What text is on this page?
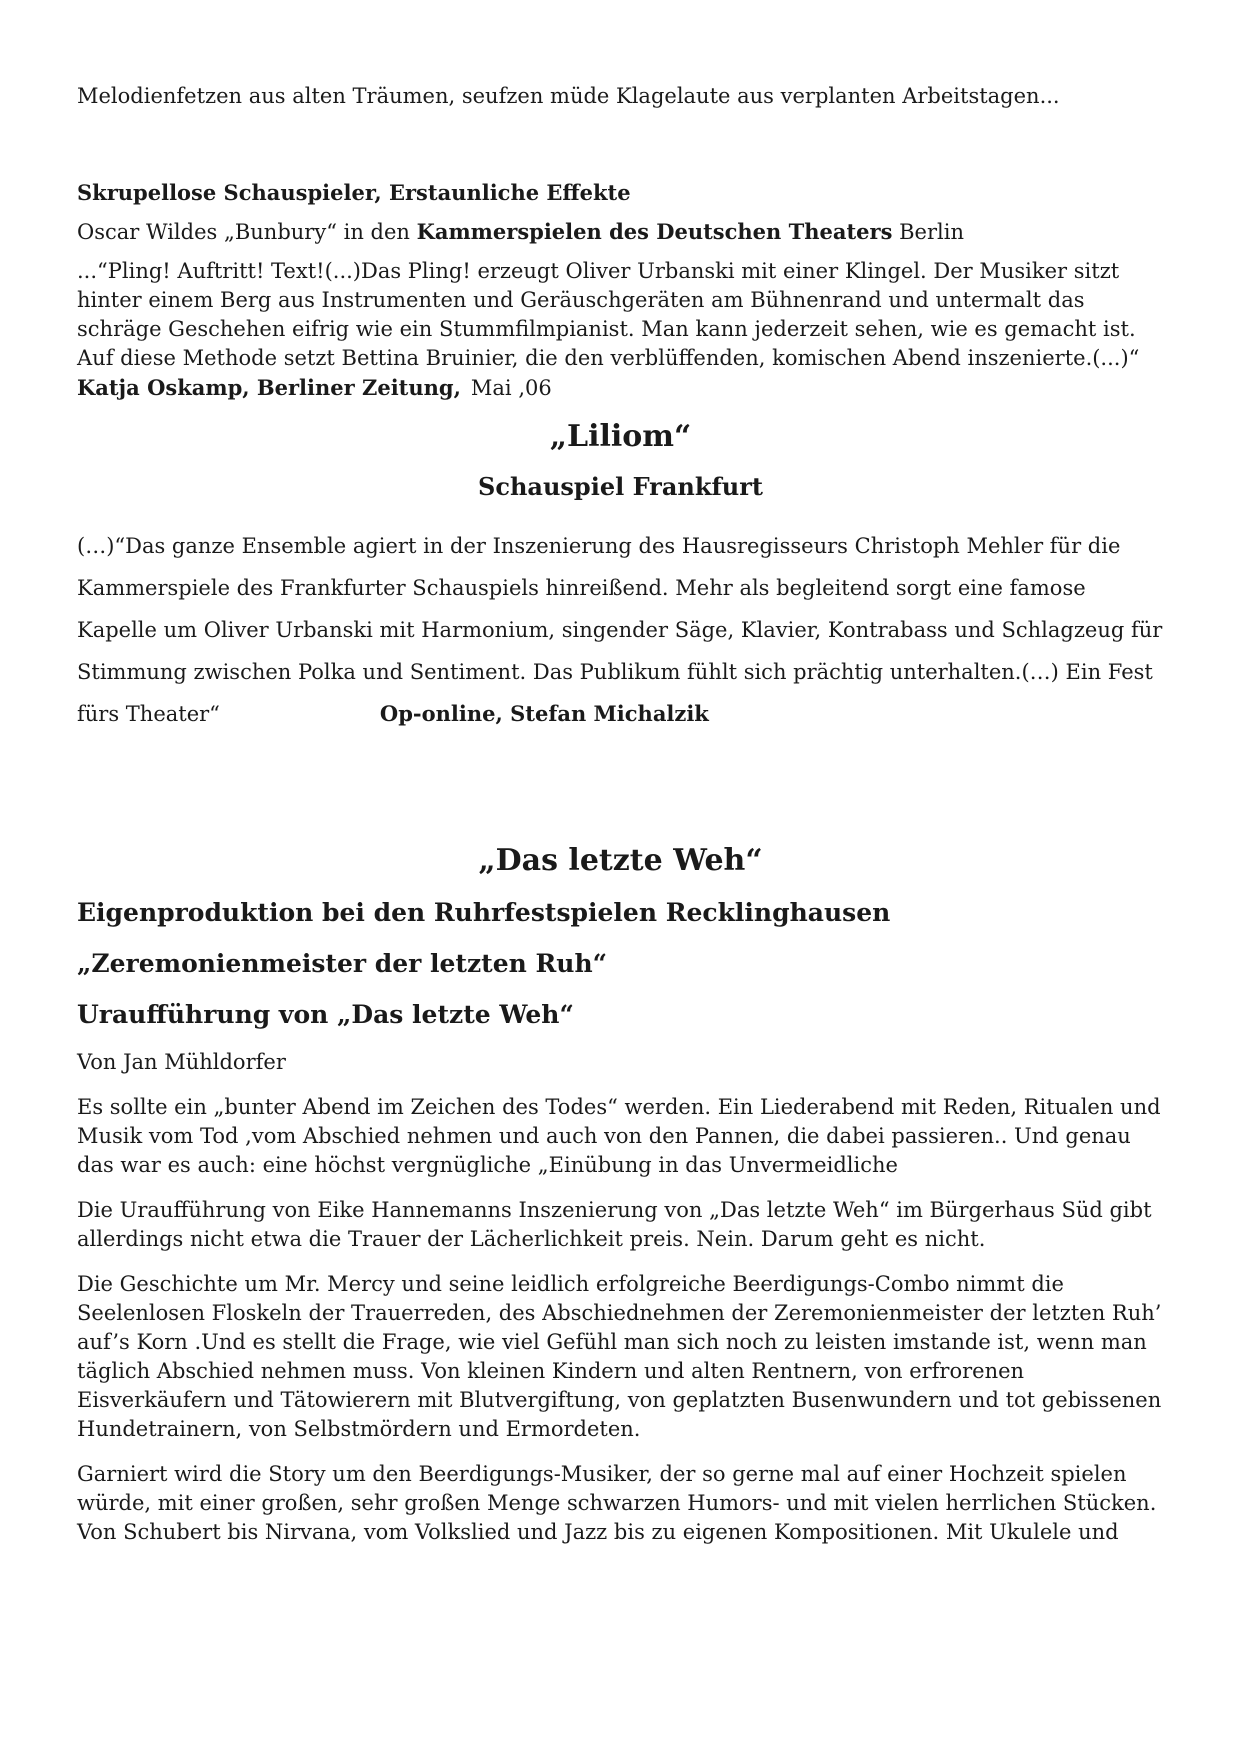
Melodienfetzen aus alten Träumen, seufzen müde Klagelaute aus verplanten Arbeitstagen...

Skrupellose Schauspieler, Erstaunliche Effekte

Oscar Wildes „Bunbury“ in den Kammerspielen des Deutschen Theaters Berlin

...“Pling! Auftritt! Text!(...)Das Pling! erzeugt Oliver Urbanski mit einer Klingel. Der Musiker sitzt hinter einem Berg aus Instrumenten und Geräuschgeräten am Bühnenrand und untermalt das schräge Geschehen eifrig wie ein Stummfilmpianist. Man kann jederzeit sehen, wie es gemacht ist. Auf diese Methode setzt Bettina Bruinier, die den verblüffenden, komischen Abend inszenierte.(...)“ Katja Oskamp, Berliner Zeitung, Mai ,06

„Liliom“

Schauspiel Frankfurt

(…)“Das ganze Ensemble agiert in der Inszenierung des Hausregisseurs Christoph Mehler für die Kammerspiele des Frankfurter Schauspiels hinreißend. Mehr als begleitend sorgt eine famose Kapelle um Oliver Urbanski mit Harmonium, singender Säge, Klavier, Kontrabass und Schlagzeug für Stimmung zwischen Polka und Sentiment. Das Publikum fühlt sich prächtig unterhalten.(…) Ein Fest fürs Theater“	Op-online, Stefan Michalzik

„Das letzte Weh“

Eigenproduktion bei den Ruhrfestspielen Recklinghausen

„Zeremonienmeister der letzten Ruh“

Uraufführung von „Das letzte Weh“

Von Jan Mühldorfer

Es sollte ein „bunter Abend im Zeichen des Todes“ werden. Ein Liederabend mit Reden, Ritualen und Musik vom Tod ,vom Abschied nehmen und auch von den Pannen, die dabei passieren.. Und genau das war es auch: eine höchst vergnügliche „Einübung in das Unvermeidliche

Die Uraufführung von Eike Hannemanns Inszenierung von „Das letzte Weh“ im Bürgerhaus Süd gibt allerdings nicht etwa die Trauer der Lächerlichkeit preis. Nein. Darum geht es nicht.

Die Geschichte um Mr. Mercy und seine leidlich erfolgreiche Beerdigungs-Combo nimmt die Seelenlosen Floskeln der Trauerreden, des Abschiednehmen der Zeremonienmeister der letzten Ruh’ auf’s Korn .Und es stellt die Frage, wie viel Gefühl man sich noch zu leisten imstande ist, wenn man täglich Abschied nehmen muss. Von kleinen Kindern und alten Rentnern, von erfrorenen Eisverkäufern und Tätowierern mit Blutvergiftung, von geplatzten Busenwundern und tot gebissenen Hundetrainern, von Selbstmördern und Ermordeten.

Garniert wird die Story um den Beerdigungs-Musiker, der so gerne mal auf einer Hochzeit spielen würde, mit einer großen, sehr großen Menge schwarzen Humors- und mit vielen herrlichen Stücken. Von Schubert bis Nirvana, vom Volkslied und Jazz bis zu eigenen Kompositionen. Mit Ukulele und
